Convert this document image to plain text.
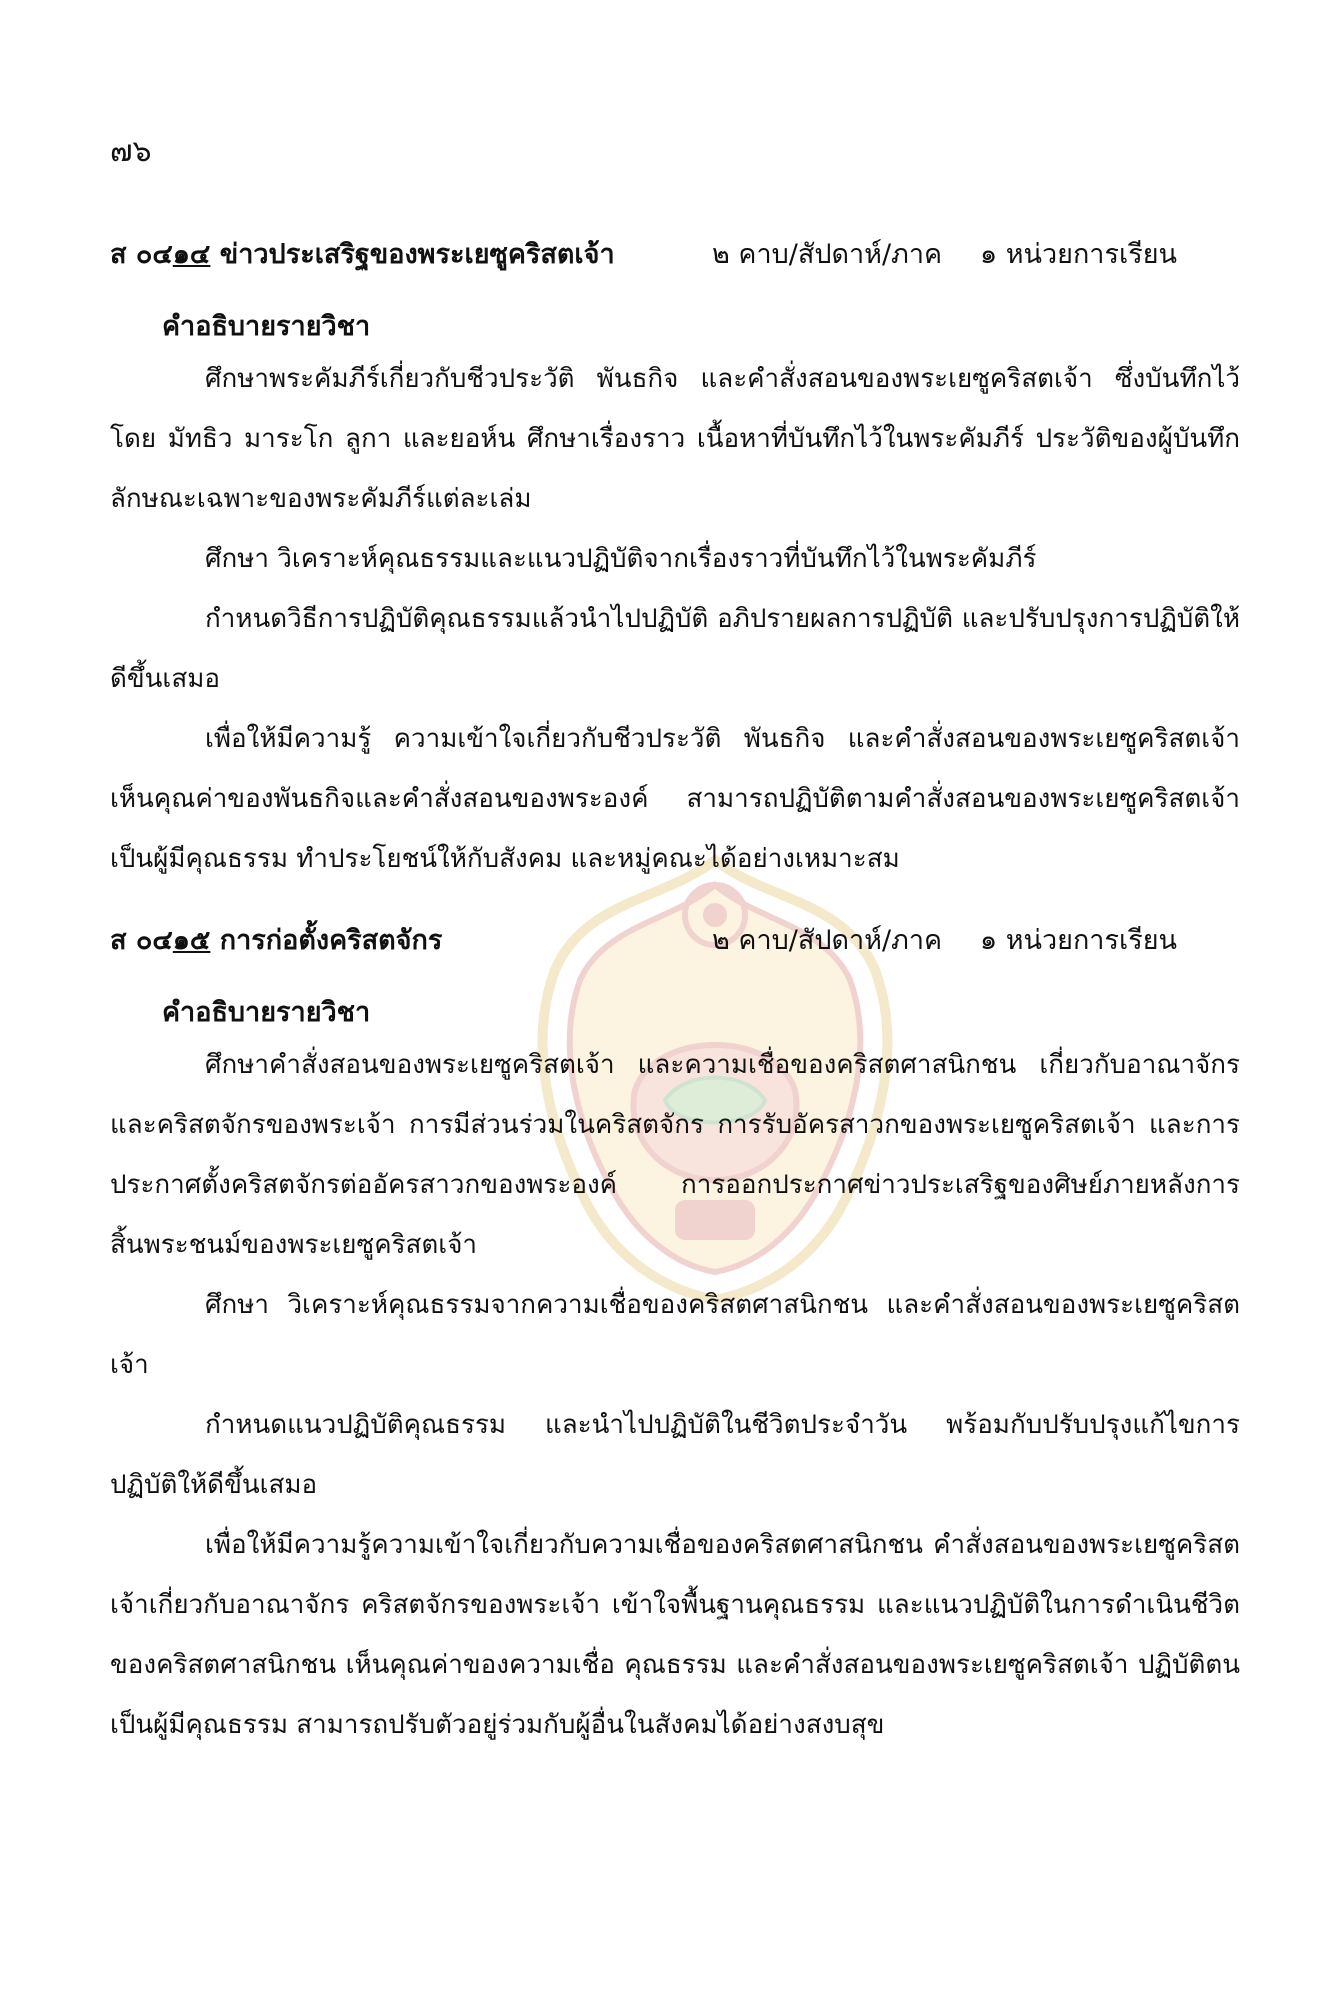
๗๖
ส ๐๔๑๔ ข่าวประเสริฐของพระเยซูคริสตเจ้า	๒ คาบ/สัปดาห์/ภาค ๑ หน่วยการเรียน
คำอธิบายรายวิชา

ศึกษาพระคัมภีร์เกี่ยวกับชีวประวัติ พันธกิจ และคำสั่งสอนของพระเยซูคริสตเจ้า ซึ่งบันทึกไว้โดย มัทธิว มาระโก ลูกา และยอห์น ศึกษาเรื่องราว เนื้อหาที่บันทึกไว้ในพระคัมภีร์ ประวัติของผู้บันทึก ลักษณะเฉพาะของพระคัมภีร์แต่ละเล่ม

ศึกษา วิเคราะห์คุณธรรมและแนวปฏิบัติจากเรื่องราวที่บันทึกไว้ในพระคัมภีร์

กำหนดวิธีการปฏิบัติคุณธรรมแล้วนำไปปฏิบัติ อภิปรายผลการปฏิบัติ และปรับปรุงการปฏิบัติให้ดีขึ้นเสมอ

เพื่อให้มีความรู้ ความเข้าใจเกี่ยวกับชีวประวัติ พันธกิจ และคำสั่งสอนของพระเยซูคริสตเจ้า เห็นคุณค่าของพันธกิจและคำสั่งสอนของพระองค์ สามารถปฏิบัติตามคำสั่งสอนของพระเยซูคริสตเจ้า เป็นผู้มีคุณธรรม ทำประโยชน์ให้กับสังคม และหมู่คณะได้อย่างเหมาะสม

ส ๐๔๑๕ การก่อตั้งคริสตจักร	๒ คาบ/สัปดาห์/ภาค ๑ หน่วยการเรียน
คำอธิบายรายวิชา

ศึกษาคำสั่งสอนของพระเยซูคริสตเจ้า และความเชื่อของคริสตศาสนิกชน เกี่ยวกับอาณาจักรและคริสตจักรของพระเจ้า การมีส่วนร่วมในคริสตจักร การรับอัครสาวกของพระเยซูคริสตเจ้า และการประกาศตั้งคริสตจักรต่ออัครสาวกของพระองค์ การออกประกาศข่าวประเสริฐของศิษย์ภายหลังการสิ้นพระชนม์ของพระเยซูคริสตเจ้า

ศึกษา วิเคราะห์คุณธรรมจากความเชื่อของคริสตศาสนิกชน และคำสั่งสอนของพระเยซูคริสตเจ้า

กำหนดแนวปฏิบัติคุณธรรม และนำไปปฏิบัติในชีวิตประจำวัน พร้อมกับปรับปรุงแก้ไขการปฏิบัติให้ดีขึ้นเสมอ

เพื่อให้มีความรู้ความเข้าใจเกี่ยวกับความเชื่อของคริสตศาสนิกชน คำสั่งสอนของพระเยซูคริสตเจ้าเกี่ยวกับอาณาจักร คริสตจักรของพระเจ้า เข้าใจพื้นฐานคุณธรรม และแนวปฏิบัติในการดำเนินชีวิตของคริสตศาสนิกชน เห็นคุณค่าของความเชื่อ คุณธรรม และคำสั่งสอนของพระเยซูคริสตเจ้า ปฏิบัติตนเป็นผู้มีคุณธรรม สามารถปรับตัวอยู่ร่วมกับผู้อื่นในสังคมได้อย่างสงบสุข
